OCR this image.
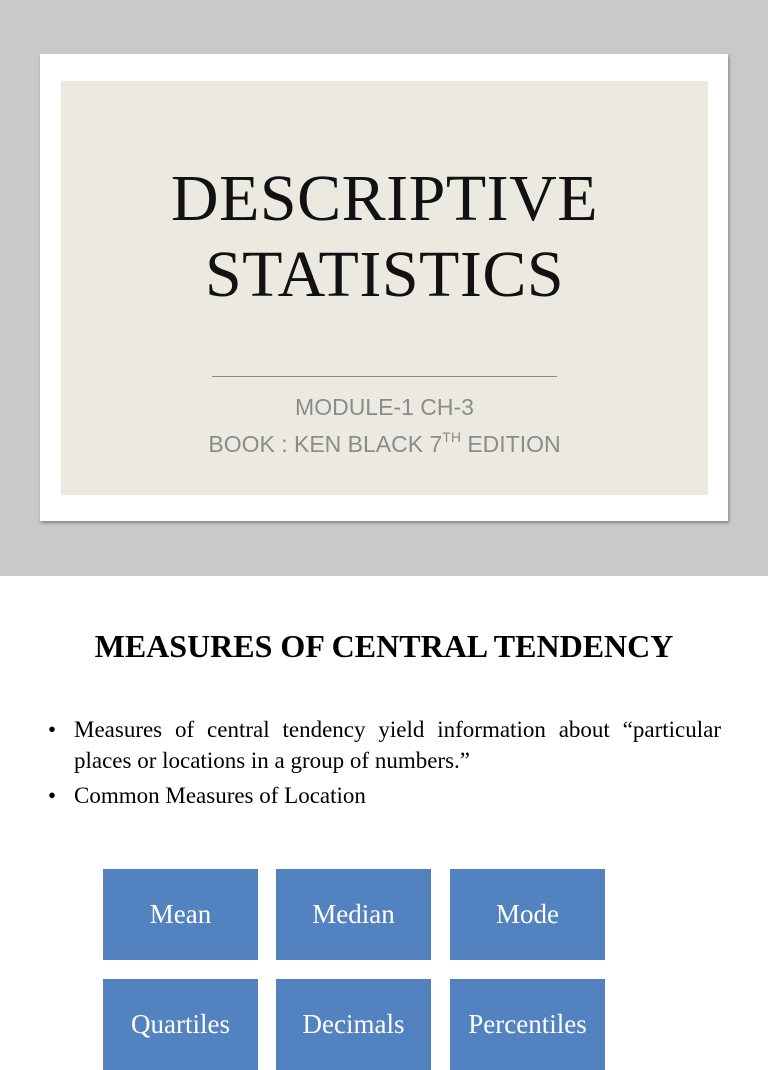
DESCRIPTIVE
STATISTICS
MODULE-1 CH-3
BOOK : KEN BLACK 7TH EDITION
MEASURES OF CENTRAL TENDENCY
• Measures of central tendency yield information about “particular places or locations in a group of numbers.”
• Common Measures of Location
Mean	Median	Mode
Quartiles	Decimals	Percentiles
